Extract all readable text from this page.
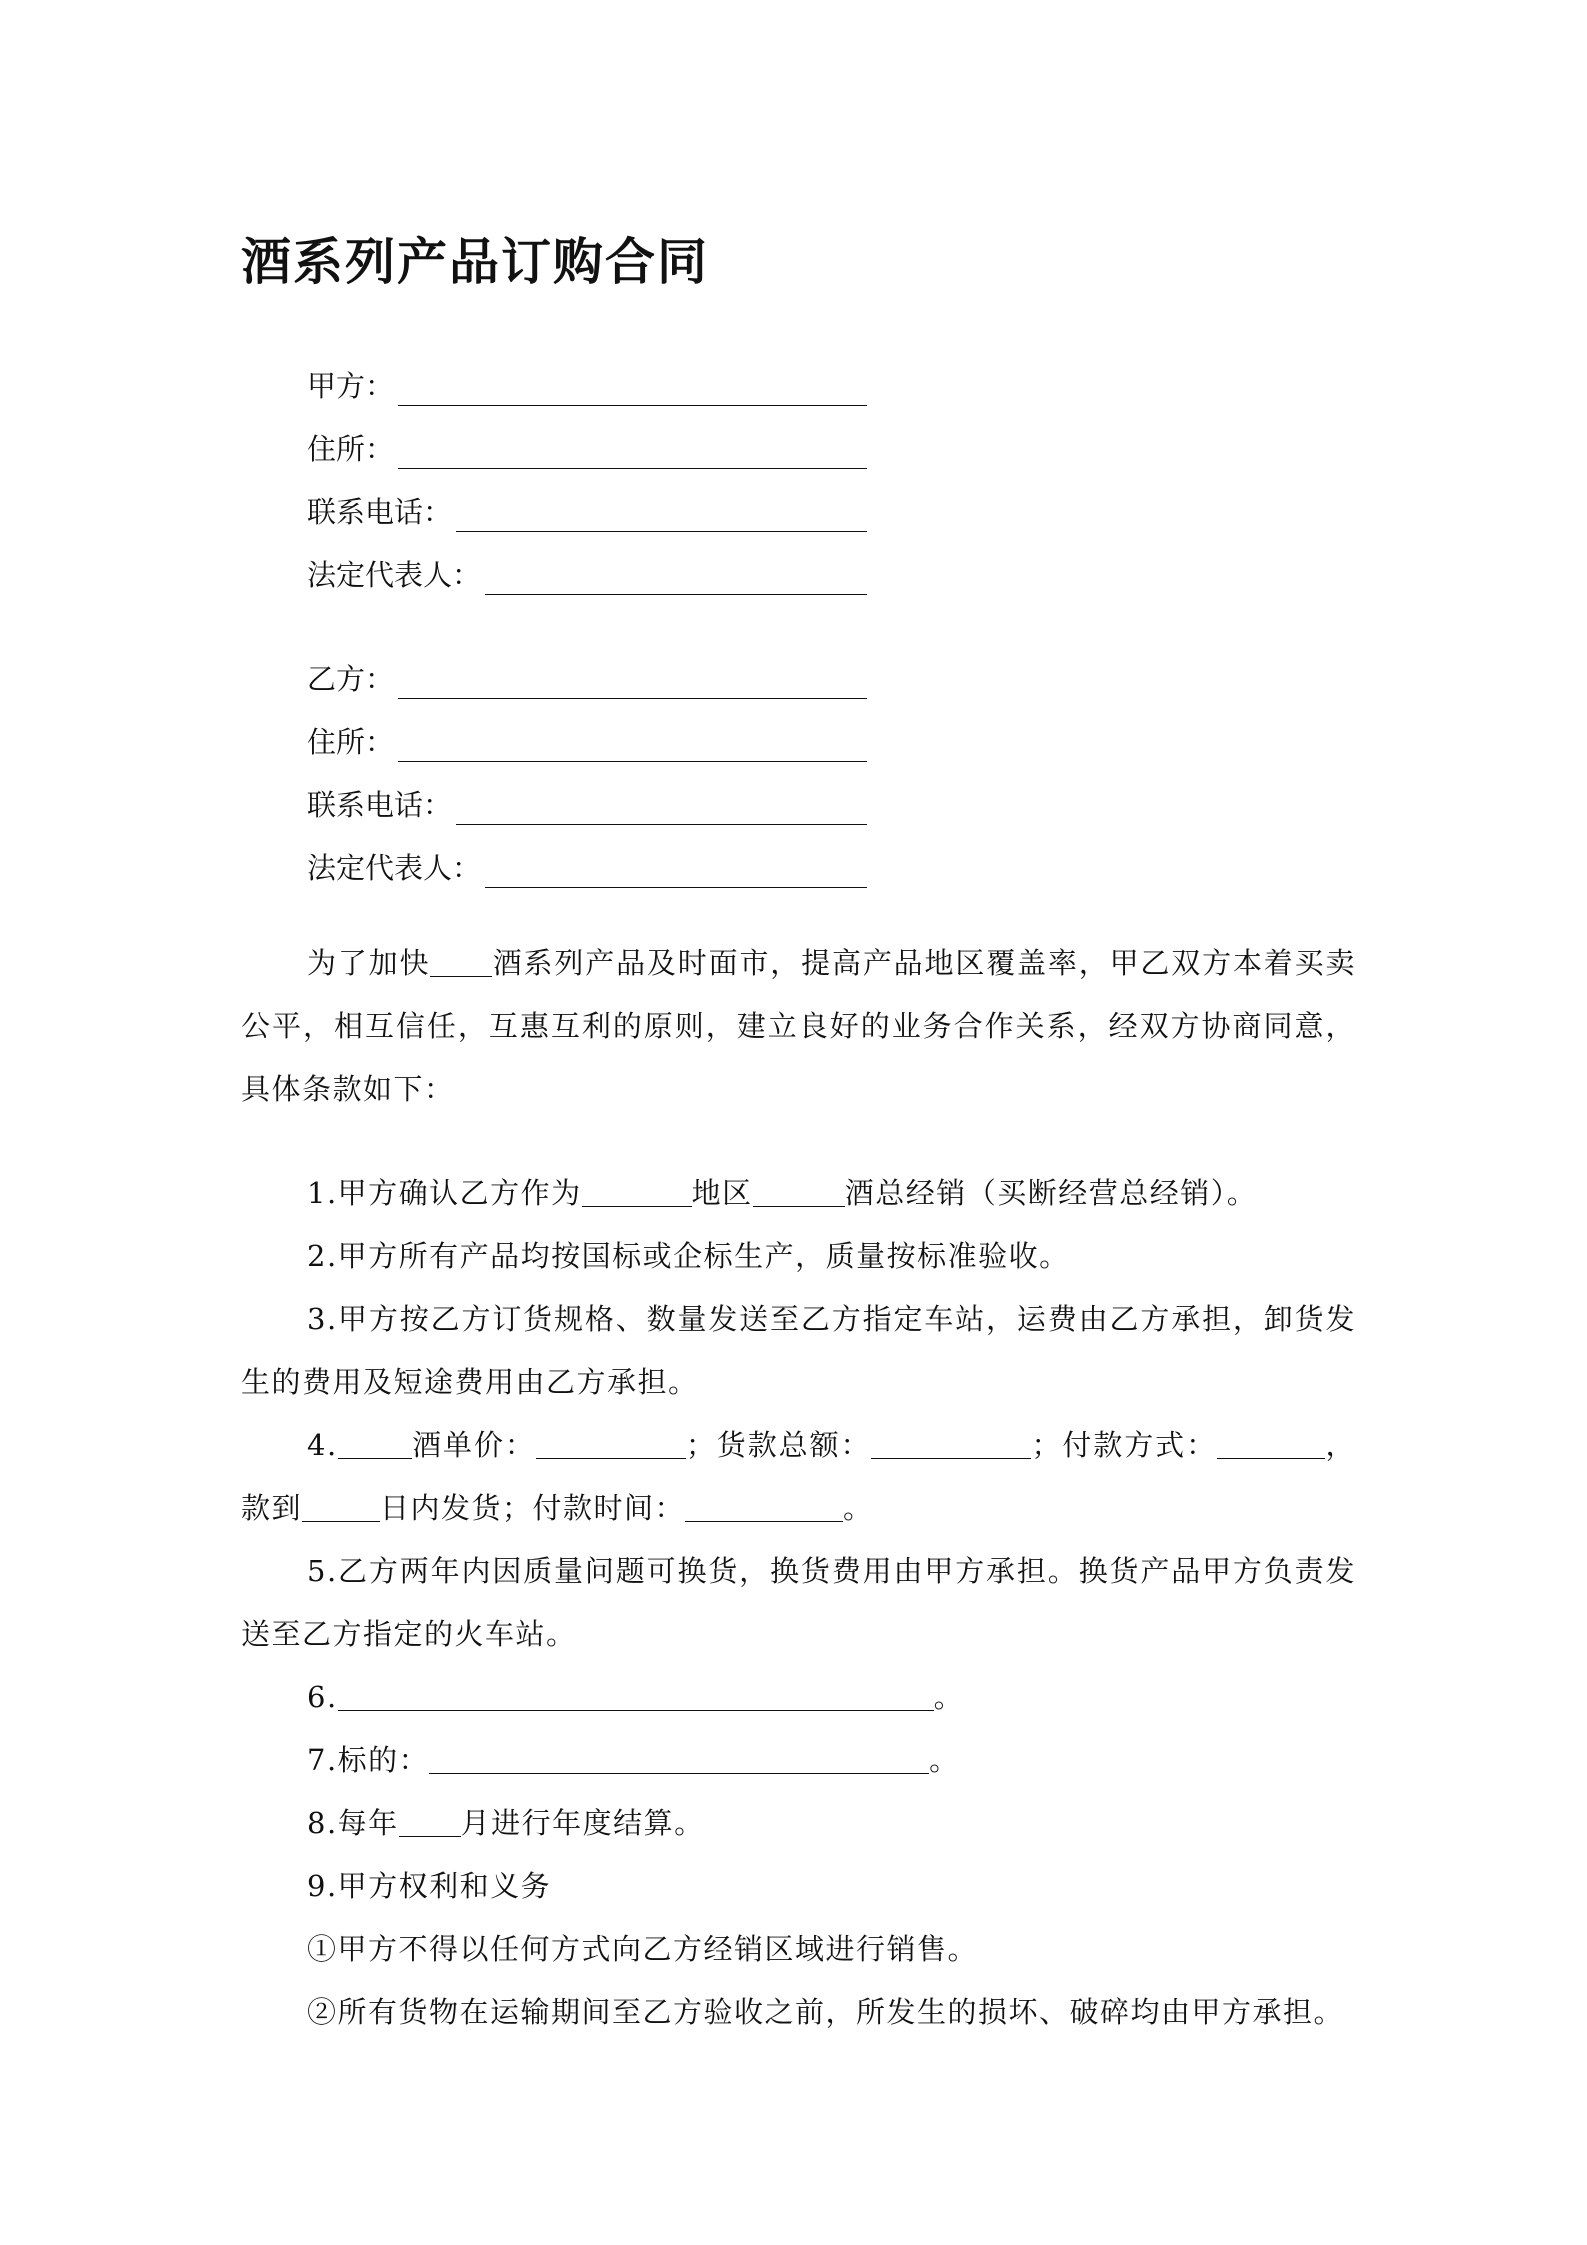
酒系列产品订购合同
甲方：
住所：
联系电话：
法定代表人：
乙方：
住所：
联系电话：
法定代表人：

为了加快 酒系列产品及时面市，提高产品地区覆盖率，甲乙双方本着买卖公平，相互信任，互惠互利的原则，建立良好的业务合作关系，经双方协商同意，具体条款如下：

1.甲方确认乙方作为	地区	酒总经销（买断经营总经销）。

2.甲方所有产品均按国标或企标生产，质量按标准验收。

3.甲方按乙方订货规格、数量发送至乙方指定车站，运费由乙方承担，卸货发生的费用及短途费用由乙方承担。

4.	酒单价：	；货款总额：	；付款方式：	，款到	日内发货；付款时间：	。

5.乙方两年内因质量问题可换货，换货费用由甲方承担。换货产品甲方负责发送至乙方指定的火车站。

6.	。

7.标的：	。

8.每年 月进行年度结算。

9.甲方权利和义务

①甲方不得以任何方式向乙方经销区域进行销售。

②所有货物在运输期间至乙方验收之前，所发生的损坏、破碎均由甲方承担。
